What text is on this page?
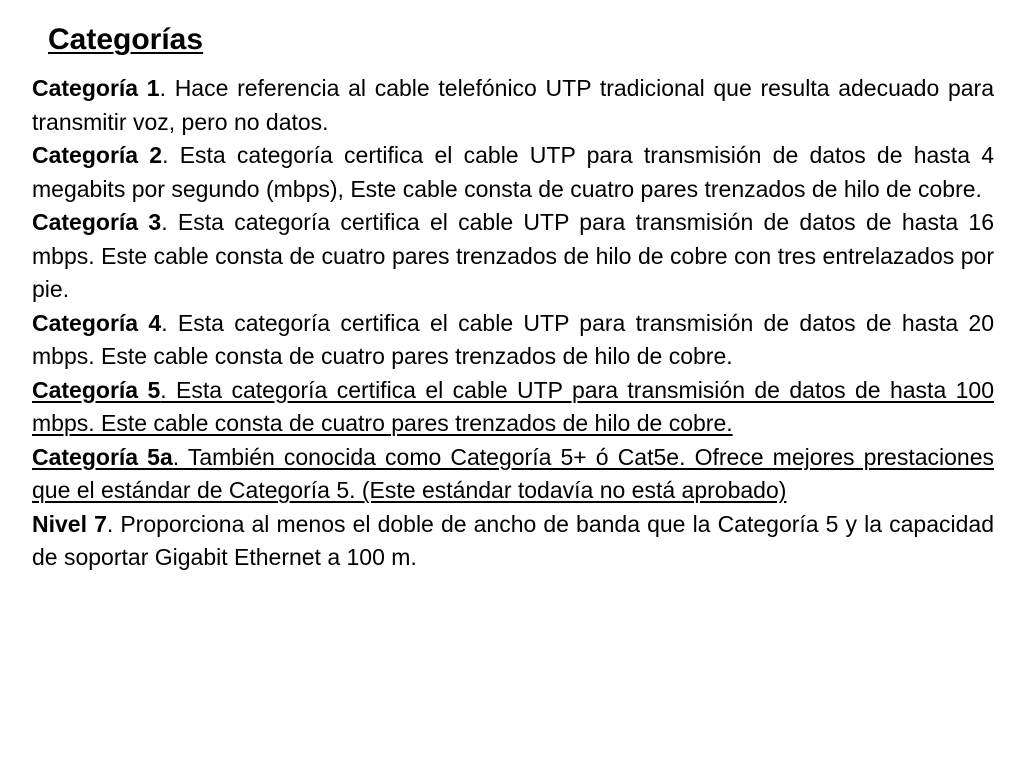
Categorías

Categoría 1. Hace referencia al cable telefónico UTP tradicional que resulta adecuado para transmitir voz, pero no datos.

Categoría 2. Esta categoría certifica el cable UTP para transmisión de datos de hasta 4 megabits por segundo (mbps), Este cable consta de cuatro pares trenzados de hilo de cobre.

Categoría 3. Esta categoría certifica el cable UTP para transmisión de datos de hasta 16 mbps. Este cable consta de cuatro pares trenzados de hilo de cobre con tres entrelazados por pie.

Categoría 4. Esta categoría certifica el cable UTP para transmisión de datos de hasta 20 mbps. Este cable consta de cuatro pares trenzados de hilo de cobre.

Categoría 5. Esta categoría certifica el cable UTP para transmisión de datos de hasta 100 mbps. Este cable consta de cuatro pares trenzados de hilo de cobre.

Categoría 5a. También conocida como Categoría 5+ ó Cat5e. Ofrece mejores prestaciones que el estándar de Categoría 5. (Este estándar todavía no está aprobado)

Nivel 7. Proporciona al menos el doble de ancho de banda que la Categoría 5 y la capacidad de soportar Gigabit Ethernet a 100 m.
